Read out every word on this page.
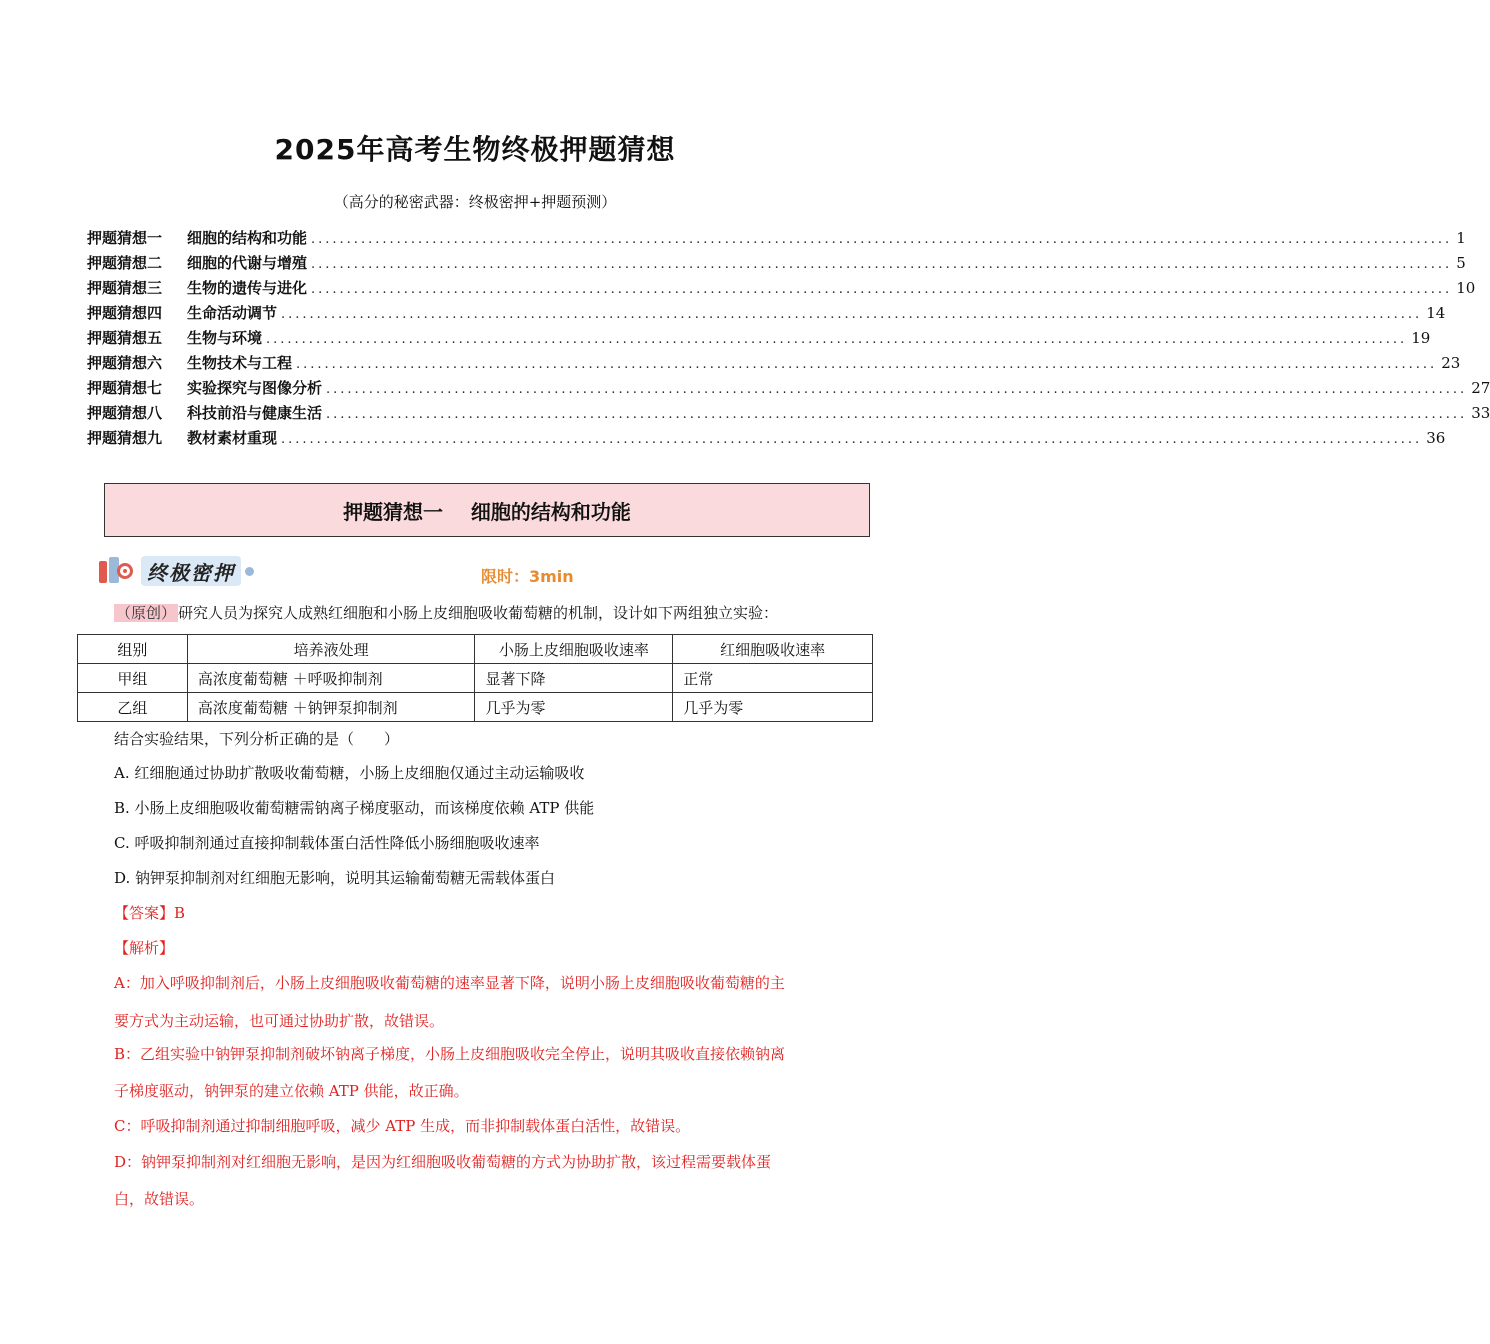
2025年高考生物终极押题猜想
（高分的秘密武器：终极密押+押题预测）
押题猜想一	细胞的结构和功能 ................................................................................................................................................................ 1
押题猜想二	细胞的代谢与增殖 ................................................................................................................................................................ 5
押题猜想三	生物的遗传与进化 ................................................................................................................................................................ 10
押题猜想四	生命活动调节 ................................................................................................................................................................ 14
押题猜想五	生物与环境 ................................................................................................................................................................ 19
押题猜想六	生物技术与工程 ................................................................................................................................................................ 23
押题猜想七	实验探究与图像分析 ................................................................................................................................................................ 27
押题猜想八	科技前沿与健康生活 ................................................................................................................................................................ 33
押题猜想九	教材素材重现 ................................................................................................................................................................ 36
押题猜想一    细胞的结构和功能
终极密押	限时：3min
（原创） 研究人员为探究人成熟红细胞和小肠上皮细胞吸收葡萄糖的机制，设计如下两组独立实验：
组别	培养液处理	小肠上皮细胞吸收速率	红细胞吸收速率
甲组	高浓度葡萄糖 ＋呼吸抑制剂	显著下降	正常
乙组	高浓度葡萄糖 ＋钠钾泵抑制剂	几乎为零	几乎为零
结合实验结果，下列分析正确的是（　　）
A. 红细胞通过协助扩散吸收葡萄糖，小肠上皮细胞仅通过主动运输吸收
B. 小肠上皮细胞吸收葡萄糖需钠离子梯度驱动，而该梯度依赖 ATP 供能
C. 呼吸抑制剂通过直接抑制载体蛋白活性降低小肠细胞吸收速率
D. 钠钾泵抑制剂对红细胞无影响，说明其运输葡萄糖无需载体蛋白
【答案】B
【解析】
A：加入呼吸抑制剂后，小肠上皮细胞吸收葡萄糖的速率显著下降，说明小肠上皮细胞吸收葡萄糖的主
要方式为主动运输，也可通过协助扩散，故错误。
B：乙组实验中钠钾泵抑制剂破坏钠离子梯度，小肠上皮细胞吸收完全停止，说明其吸收直接依赖钠离
子梯度驱动，钠钾泵的建立依赖 ATP 供能，故正确。
C：呼吸抑制剂通过抑制细胞呼吸，减少 ATP 生成，而非抑制载体蛋白活性，故错误。
D：钠钾泵抑制剂对红细胞无影响，是因为红细胞吸收葡萄糖的方式为协助扩散，该过程需要载体蛋
白，故错误。
